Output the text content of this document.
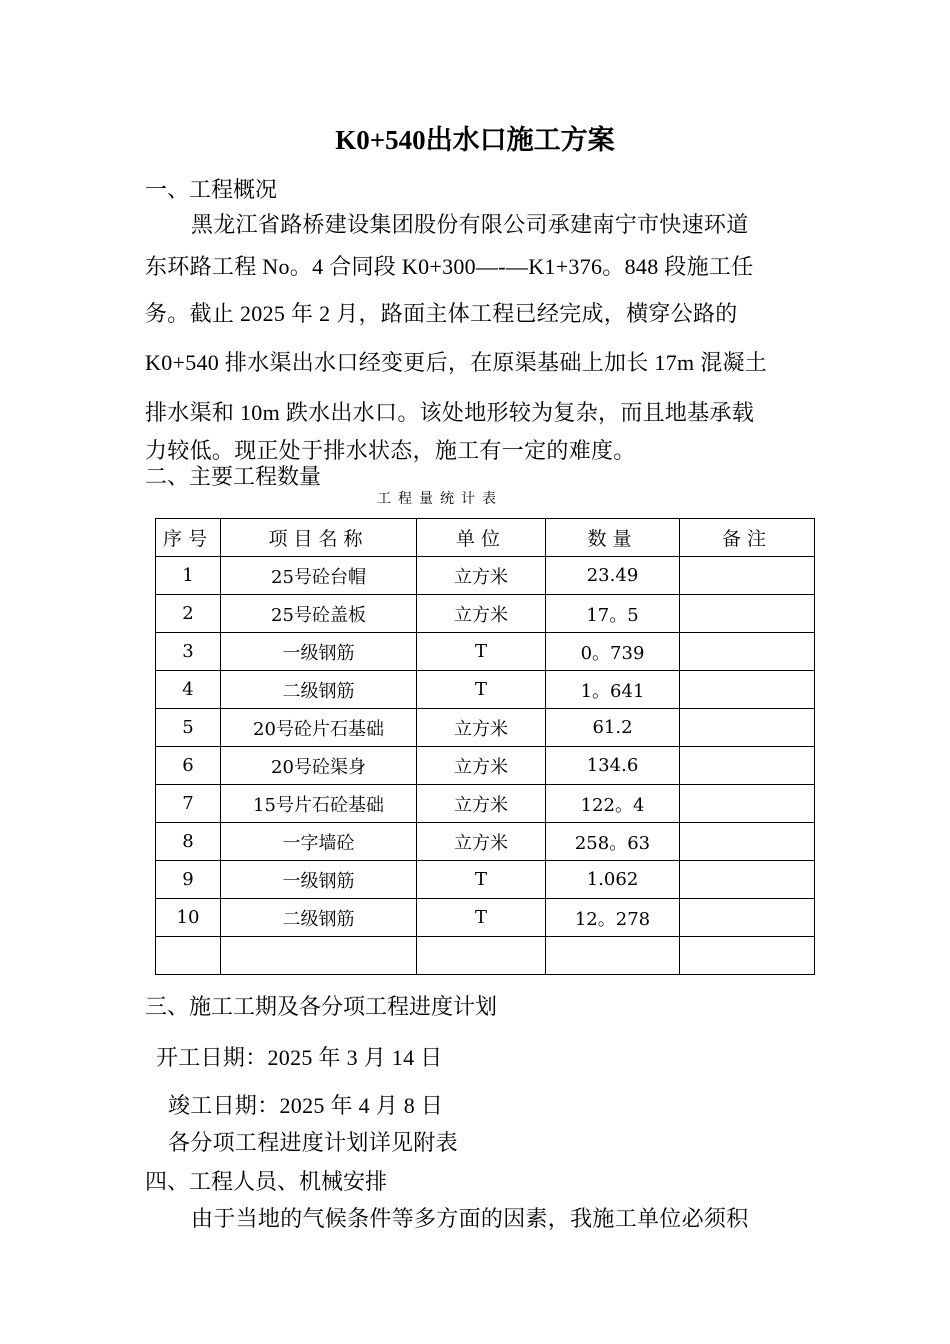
K0+540出水口施工方案
一、工程概况
黑龙江省路桥建设集团股份有限公司承建南宁市快速环道
东环路工程 No。4 合同段 K0+300—-—K1+376。848 段施工任
务。截止 2025 年 2 月，路面主体工程已经完成，横穿公路的
K0+540 排水渠出水口经变更后，在原渠基础上加长 17m 混凝土
排水渠和 10m 跌水出水口。该处地形较为复杂，而且地基承载
力较低。现正处于排水状态，施工有一定的难度。
二、主要工程数量
工程量统计表
序号	项目名称	单位	数量	备注
1	25号砼台帽	立方米	23.49	
2	25号砼盖板	立方米	17。5	
3	一级钢筋	T	0。739	
4	二级钢筋	T	1。641	
5	20号砼片石基础	立方米	61.2	
6	20号砼渠身	立方米	134.6	
7	15号片石砼基础	立方米	122。4	
8	一字墙砼	立方米	258。63	
9	一级钢筋	T	1.062	
10	二级钢筋	T	12。278	

三、施工工期及各分项工程进度计划
开工日期：2025 年 3 月 14 日
竣工日期：2025 年 4 月 8 日
各分项工程进度计划详见附表
四、工程人员、机械安排
由于当地的气候条件等多方面的因素，我施工单位必须积
